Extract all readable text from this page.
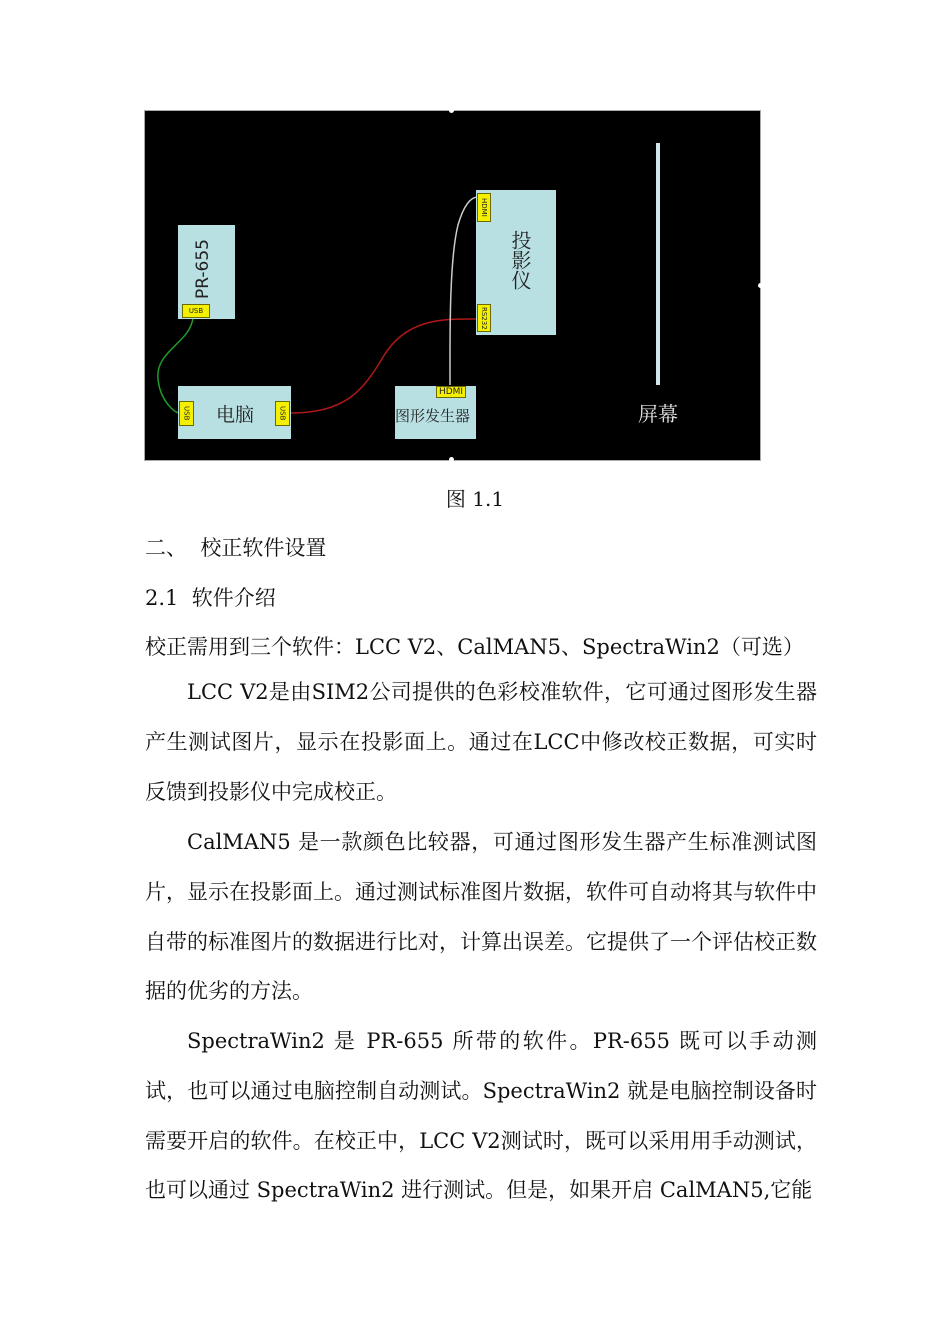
PR-655
USB
USB 电脑	USB
HDMI
投影仪
RS232
HDMI
图形发生器	屏幕
图 1.1
二、  校正软件设置
2.1  软件介绍
校正需用到三个软件：LCC V2、CalMAN5、SpectraWin2（可选）

LCC V2是由SIM2公司提供的色彩校准软件，它可通过图形发生器产生测试图片，显示在投影面上。通过在LCC中修改校正数据，可实时反馈到投影仪中完成校正。

CalMAN5 是一款颜色比较器，可通过图形发生器产生标准测试图片，显示在投影面上。通过测试标准图片数据，软件可自动将其与软件中自带的标准图片的数据进行比对，计算出误差。它提供了一个评估校正数据的优劣的方法。

SpectraWin2 是 PR-655 所带的软件。PR-655 既可以手动测试，也可以通过电脑控制自动测试。SpectraWin2 就是电脑控制设备时需要开启的软件。在校正中，LCC V2测试时，既可以采用用手动测试，也可以通过 SpectraWin2 进行测试。但是，如果开启 CalMAN5,它能
